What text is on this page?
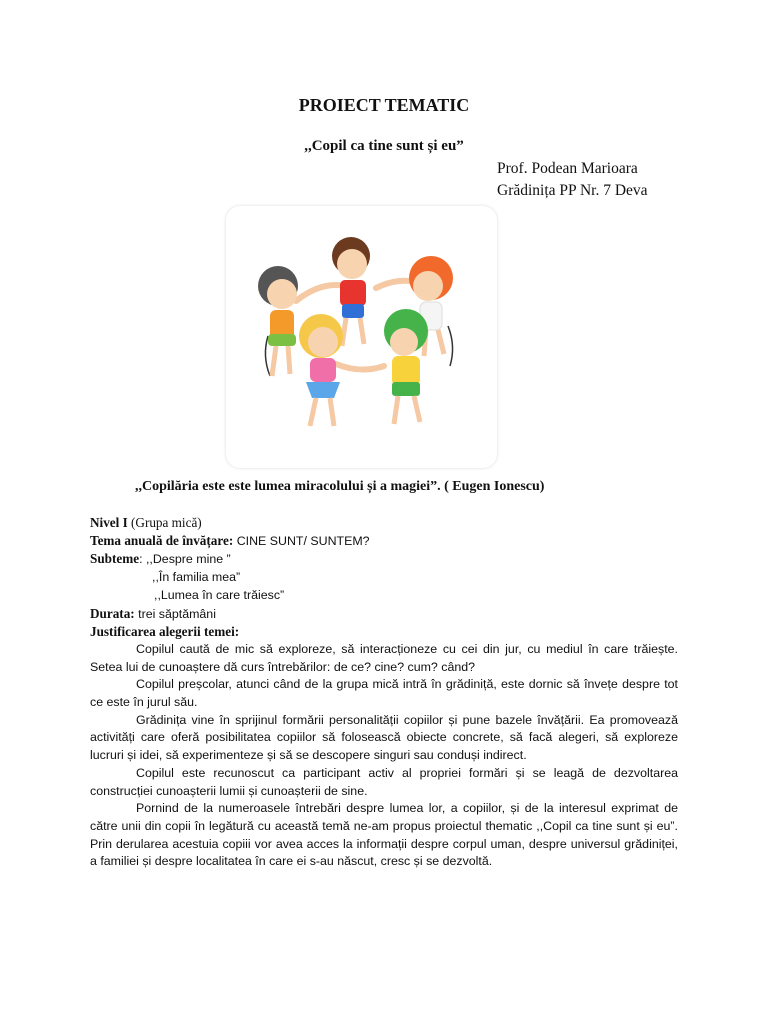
PROIECT TEMATIC
,,Copil ca tine sunt și eu”
Prof. Podean Marioara
Grădinița PP Nr. 7 Deva
,,Copilăria este este lumea miracolului și a magiei”. ( Eugen Ionescu)
Nivel I (Grupa mică)
Tema anuală de învățare: CINE SUNT/ SUNTEM?
Subteme: ,,Despre mine ”
,,În familia mea”
,,Lumea în care trăiesc”
Durata: trei săptămâni
Justificarea alegerii temei:

Copilul caută de mic să exploreze, să interacționeze cu cei din jur, cu mediul în care trăiește. Setea lui de cunoaștere dă curs întrebărilor: de ce? cine? cum? când?

Copilul preșcolar, atunci când de la grupa mică intră în grădiniță, este dornic să învețe despre tot ce este în jurul său.

Grădinița vine în sprijinul formării personalității copiilor și pune bazele învățării. Ea promovează activități care oferă posibilitatea copiilor să folosească obiecte concrete, să facă alegeri, să exploreze lucruri și idei, să experimenteze și să se descopere singuri sau conduși indirect.

Copilul este recunoscut ca participant activ al propriei formări și se leagă de dezvoltarea construcției cunoașterii lumii și cunoașterii de sine.

Pornind de la numeroasele întrebări despre lumea lor, a copiilor, și de la interesul exprimat de către unii din copii în legătură cu această temă ne-am propus proiectul thematic ,,Copil ca tine sunt și eu”. Prin derularea acestuia copiii vor avea acces la informații despre corpul uman, despre universul grădiniței, a familiei și despre localitatea în care ei s-au născut, cresc și se dezvoltă.
